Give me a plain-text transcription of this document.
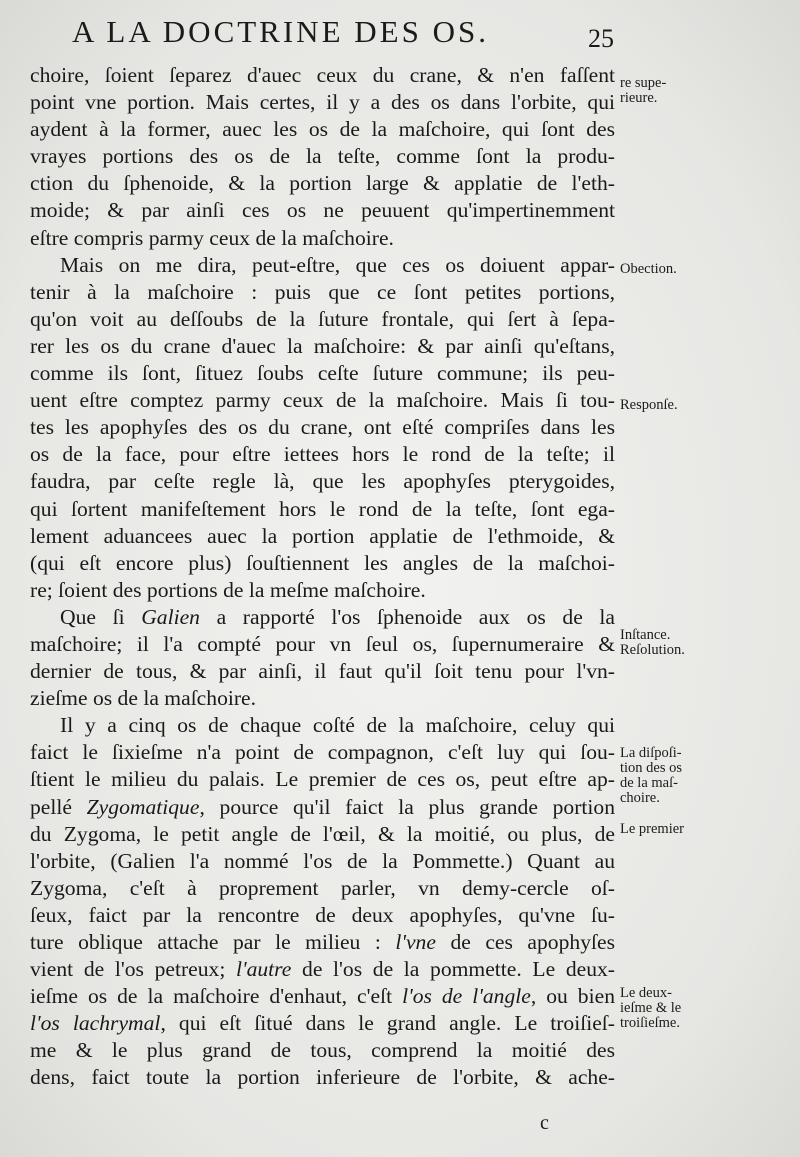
A LA DOCTRINE DES OS.	25
choire, ſoient ſeparez d'auec ceux du crane, & n'en faſſent
point vne portion. Mais certes, il y a des os dans l'orbite, qui
aydent à la former, auec les os de la maſchoire, qui ſont des
vrayes portions des os de la teſte, comme ſont la produ-
ction du ſphenoide, & la portion large & applatie de l'eth-
moide; & par ainſi ces os ne peuuent qu'impertinemment
eſtre compris parmy ceux de la maſchoire.
Mais on me dira, peut-eſtre, que ces os doiuent appar-
tenir à la maſchoire : puis que ce ſont petites portions,
qu'on voit au deſſoubs de la ſuture frontale, qui ſert à ſepa-
rer les os du crane d'auec la maſchoire: & par ainſi qu'eſtans,
comme ils ſont, ſituez ſoubs ceſte ſuture commune; ils peu-
uent eſtre comptez parmy ceux de la maſchoire. Mais ſi tou-
tes les apophyſes des os du crane, ont eſté compriſes dans les
os de la face, pour eſtre iettees hors le rond de la teſte; il
faudra, par ceſte regle là, que les apophyſes pterygoides,
qui ſortent manifeſtement hors le rond de la teſte, ſont ega-
lement aduancees auec la portion applatie de l'ethmoide, &
(qui eſt encore plus) ſouſtiennent les angles de la maſchoi-
re; ſoient des portions de la meſme maſchoire.
Que ſi Galien a rapporté l'os ſphenoide aux os de la
maſchoire; il l'a compté pour vn ſeul os, ſupernumeraire &
dernier de tous, & par ainſi, il faut qu'il ſoit tenu pour l'vn-
zieſme os de la maſchoire.
Il y a cinq os de chaque coſté de la maſchoire, celuy qui
faict le ſixieſme n'a point de compagnon, c'eſt luy qui ſou-
ſtient le milieu du palais. Le premier de ces os, peut eſtre ap-
pellé Zygomatique, pource qu'il faict la plus grande portion
du Zygoma, le petit angle de l'œil, & la moitié, ou plus, de
l'orbite, (Galien l'a nommé l'os de la Pommette.) Quant au
Zygoma, c'eſt à proprement parler, vn demy-cercle oſ-
ſeux, faict par la rencontre de deux apophyſes, qu'vne ſu-
ture oblique attache par le milieu : l'vne de ces apophyſes
vient de l'os petreux; l'autre de l'os de la pommette. Le deux-
ieſme os de la maſchoire d'enhaut, c'eſt l'os de l'angle, ou bien
l'os lachrymal, qui eſt ſitué dans le grand angle. Le troiſieſ-
me & le plus grand de tous, comprend la moitié des
dens, faict toute la portion inferieure de l'orbite, & ache-
re supe-
rieure.
Obection.
Responſe.
Inſtance.
Reſolution.
La diſpoſi-
tion des os
de la maſ-
choire.
Le premier
Le deux-
ieſme & le
troiſieſme.
c
